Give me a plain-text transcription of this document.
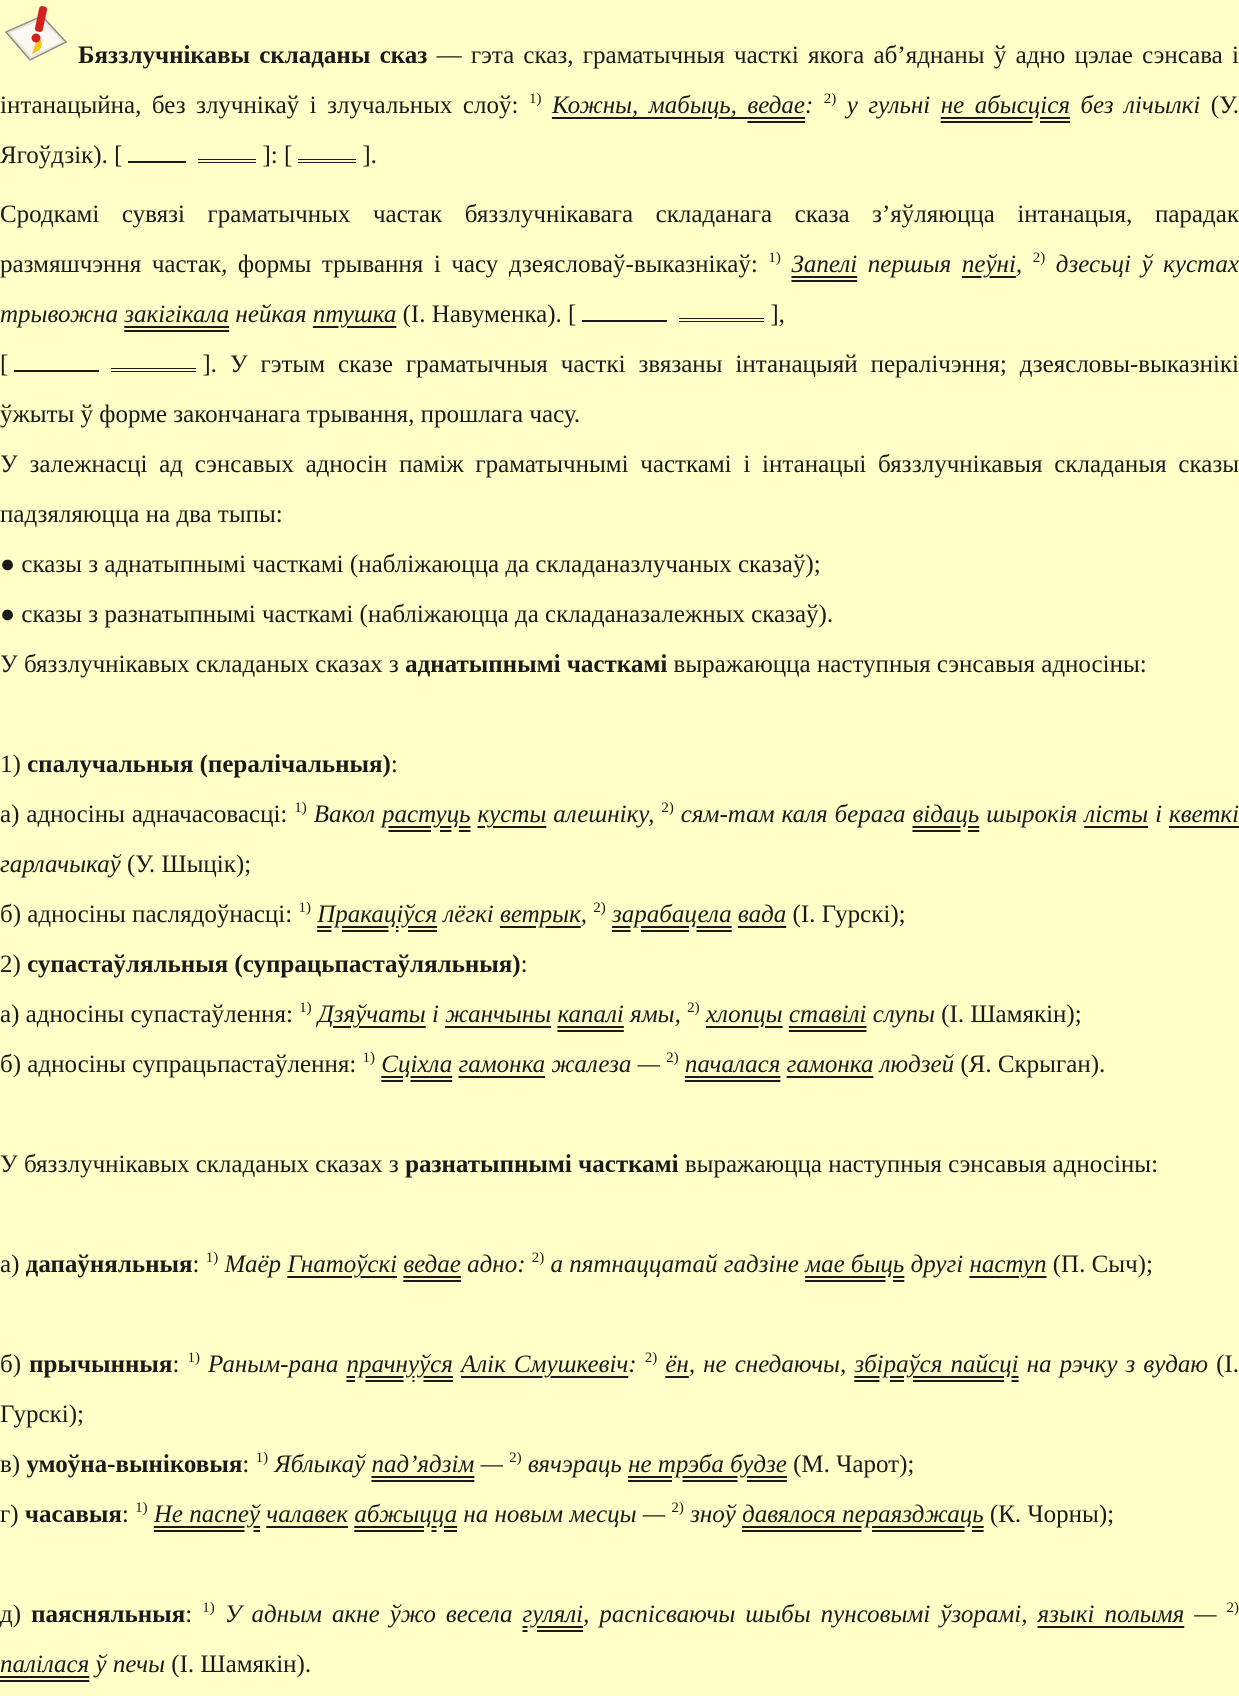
Бяззлучнікавы складаны сказ — гэта сказ, граматычныя часткі якога аб’яднаны ў адно цэлае сэнсава і інтанацыйна, без злучнікаў і злучальных слоў: $^{1)}$ Кожны, мабыць, ведае: $^{2)}$ у гульні не абысціся без лічылкі (У. Ягоўдзік). [	]: [	].

Сродкамі сувязі граматычных частак бяззлучнікавага складанага сказа з’яўляюцца інтанацыя, парадак размяшчэння частак, формы трывання і часу дзеясловаў-выказнікаў: $^{1)}$ Запелі першыя пеўні, $^{2)}$ дзесьці ў кустах трывожна закігікала нейкая птушка (І. Навуменка). [	],
[	]. У гэтым сказе граматычныя часткі звязаны інтанацыяй пералічэння; дзеясловы-выказнікі ўжыты ў форме закончанага трывання, прошлага часу.

У залежнасці ад сэнсавых адносін паміж граматычнымі часткамі і інтанацыі бяззлучнікавыя складаныя сказы падзяляюцца на два тыпы:

● сказы з аднатыпнымі часткамі (набліжаюцца да складаназлучаных сказаў);

● сказы з разнатыпнымі часткамі (набліжаюцца да складаназалежных сказаў).

У бяззлучнікавых складаных сказах з аднатыпнымі часткамі выражаюцца наступныя сэнсавыя адносіны:

1) спалучальныя (пералічальныя):

а) адносіны адначасовасці: $^{1)}$ Вакол растуць кусты алешніку, $^{2)}$ сям-там каля берага відаць шырокія лісты і кветкі гарлачыкаў (У. Шыцік);

б) адносіны паслядоўнасці: $^{1)}$ Пракаціўся лёгкі ветрык, $^{2)}$ зарабацела вада (І. Гурскі);

2) супастаўляльныя (супрацьпастаўляльныя):

а) адносіны супастаўлення: $^{1)}$ Дзяўчаты і жанчыны капалі ямы, $^{2)}$ хлопцы ставілі слупы (І. Шамякін);

б) адносіны супрацьпастаўлення: $^{1)}$ Сціхла гамонка жалеза — $^{2)}$ пачалася гамонка людзей (Я. Скрыган).

У бяззлучнікавых складаных сказах з разнатыпнымі часткамі выражаюцца наступныя сэнсавыя адносіны:

а) дапаўняльныя: $^{1)}$ Маёр Гнатоўскі ведае адно: $^{2)}$ а пятнаццатай гадзіне мае быць другі наступ (П. Сыч);

б) прычынныя: $^{1)}$ Раным-рана прачнуўся Алік Смушкевіч: $^{2)}$ ён, не снедаючы, збіраўся пайсці на рэчку з вудаю (І. Гурскі);

в) умоўна-выніковыя: $^{1)}$ Яблыкаў пад’ядзім — $^{2)}$ вячэраць не трэба будзе (М. Чарот);

г) часавыя: $^{1)}$ Не паспеў чалавек абжыцца на новым месцы — $^{2)}$ зноў давялося пераязджаць (К. Чорны);

д) паясняльныя: $^{1)}$ У адным акне ўжо весела гулялі, распісваючы шыбы пунсовымі ўзорамі, языкі полымя — $^{2)}$ палілася ў печы (І. Шамякін).
